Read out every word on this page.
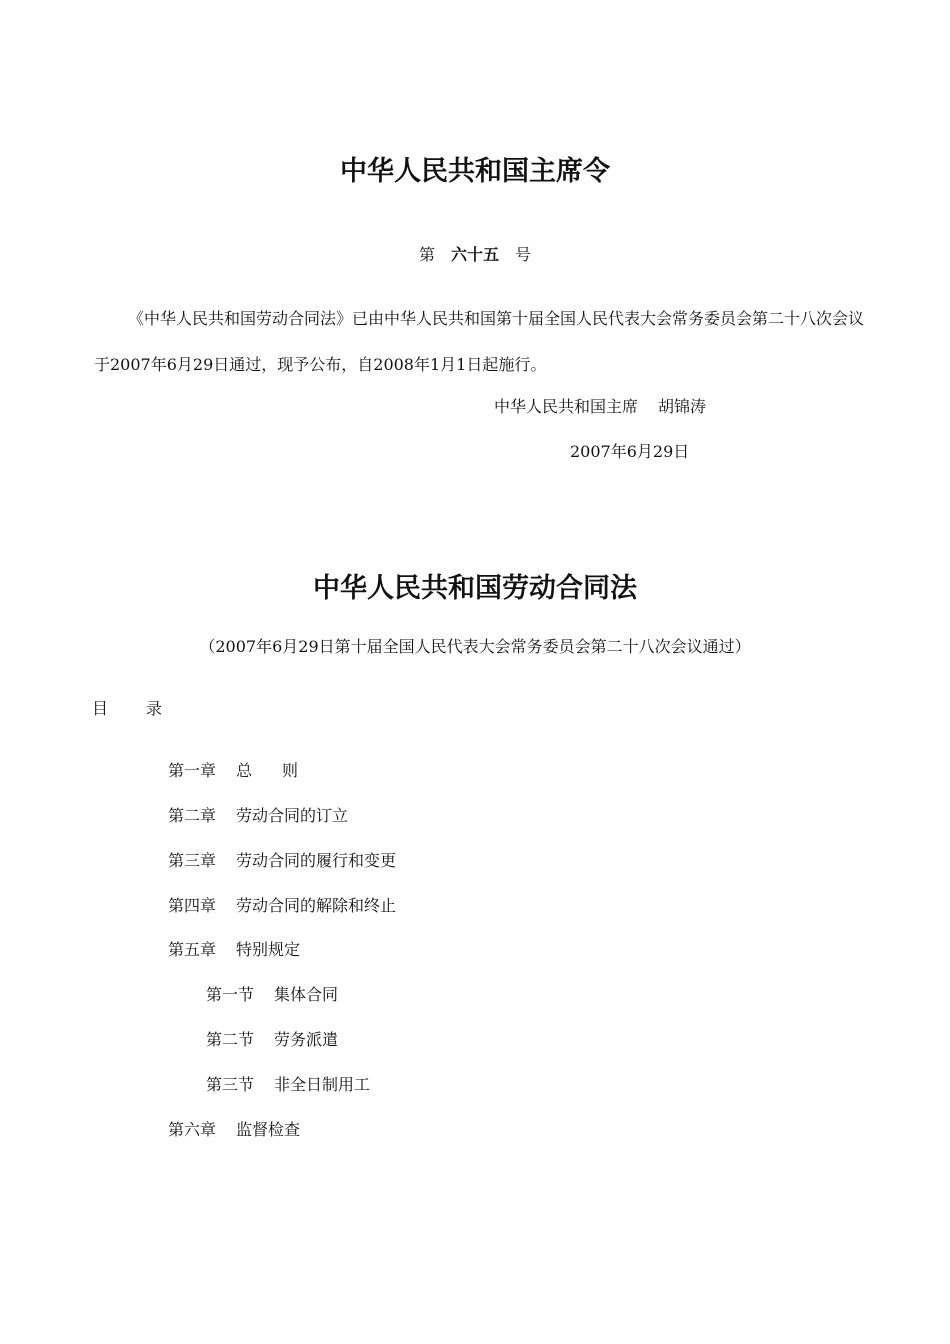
中华人民共和国主席令
第 六十五 号
《中华人民共和国劳动合同法》已由中华人民共和国第十届全国人民代表大会常务委员会第二十八次会议于2007年6月29日通过，现予公布，自2008年1月1日起施行。
中华人民共和国主席 胡锦涛
2007年6月29日
中华人民共和国劳动合同法
（2007年6月29日第十届全国人民代表大会常务委员会第二十八次会议通过）
目 录
第一章 总 则
第二章 劳动合同的订立
第三章 劳动合同的履行和变更
第四章 劳动合同的解除和终止
第五章 特别规定
第一节 集体合同
第二节 劳务派遣
第三节 非全日制用工
第六章 监督检查
